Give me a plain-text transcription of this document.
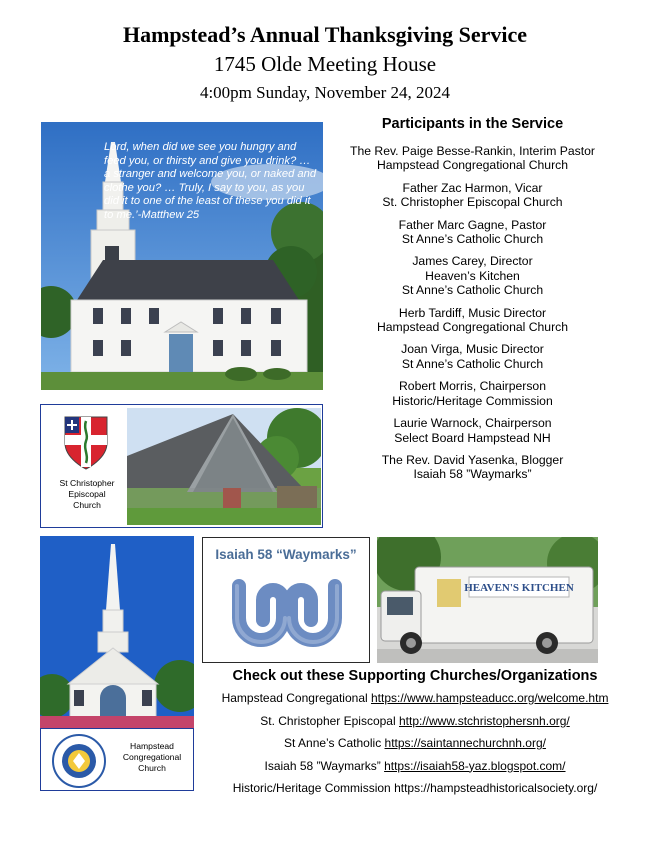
Hampstead’s Annual Thanksgiving Service
1745 Olde Meeting House
4:00pm Sunday, November 24, 2024
Lord, when did we see you hungry and feed you, or thirsty and give you drink? … a stranger and welcome you, or naked and clothe you? … Truly, I say to you, as you did it to one of the least of these you did it to me.’-Matthew 25
Participants in the Service
The Rev. Paige Besse-Rankin, Interim Pastor
Hampstead Congregational Church
Father Zac Harmon, Vicar
St. Christopher Episcopal Church
Father Marc Gagne, Pastor
St Anne’s Catholic Church
James Carey, Director
Heaven’s Kitchen
St Anne’s Catholic Church
Herb Tardiff, Music Director
Hampstead Congregational Church
Joan Virga, Music Director
St Anne’s Catholic Church
Robert Morris, Chairperson
Historic/Heritage Commission
Laurie Warnock, Chairperson
Select Board Hampstead NH
The Rev. David Yasenka, Blogger
Isaiah 58 ”Waymarks”
St Christopher
Episcopal
Church
Hampstead
Congregational
Church
Isaiah 58 “Waymarks”
HEAVEN'S KITCHEN
Check out these Supporting Churches/Organizations
Hampstead Congregational https://www.hampsteaducc.org/welcome.htm
St. Christopher Episcopal http://www.stchristophersnh.org/
St Anne’s Catholic https://saintannechurchnh.org/
Isaiah 58 ”Waymarks” https://isaiah58-yaz.blogspot.com/
Historic/Heritage Commission https://hampsteadhistoricalsociety.org/
